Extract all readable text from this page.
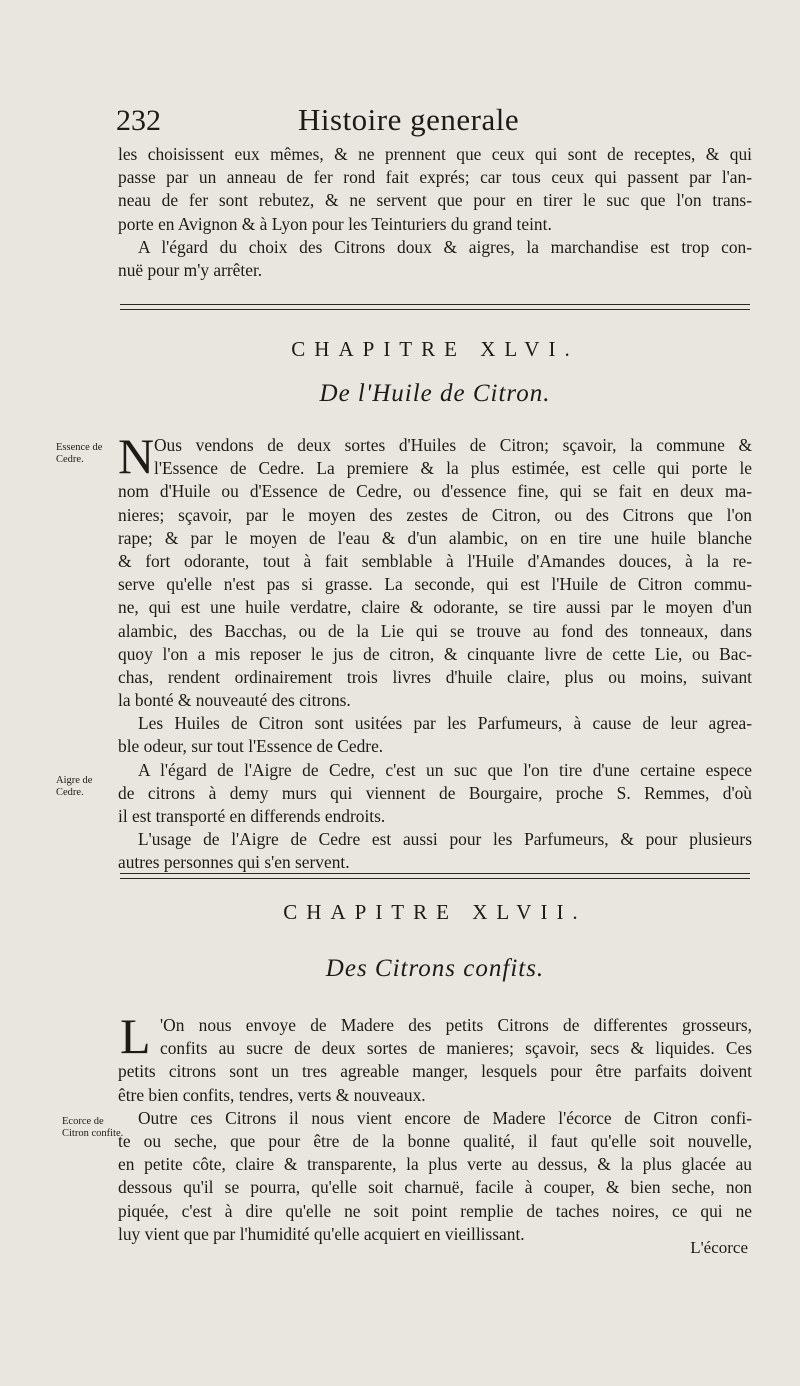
232	Histoire generale
les choisissent eux mêmes, & ne prennent que ceux qui sont de receptes, & qui
passe par un anneau de fer rond fait exprés; car tous ceux qui passent par l'an-
neau de fer sont rebutez, & ne servent que pour en tirer le suc que l'on trans-
porte en Avignon & à Lyon pour les Teinturiers du grand teint.
A l'égard du choix des Citrons doux & aigres, la marchandise est trop con-
nuë pour m'y arrêter.
CHAPITRE XLVI.
De l'Huile de Citron.
Essence de Cedre.
Aigre de Cedre.
N Ous vendons de deux sortes d'Huiles de Citron; sçavoir, la commune &
l'Essence de Cedre. La premiere & la plus estimée, est celle qui porte le
nom d'Huile ou d'Essence de Cedre, ou d'essence fine, qui se fait en deux ma-
nieres; sçavoir, par le moyen des zestes de Citron, ou des Citrons que l'on
rape; & par le moyen de l'eau & d'un alambic, on en tire une huile blanche
& fort odorante, tout à fait semblable à l'Huile d'Amandes douces, à la re-
serve qu'elle n'est pas si grasse. La seconde, qui est l'Huile de Citron commu-
ne, qui est une huile verdatre, claire & odorante, se tire aussi par le moyen d'un
alambic, des Bacchas, ou de la Lie qui se trouve au fond des tonneaux, dans
quoy l'on a mis reposer le jus de citron, & cinquante livre de cette Lie, ou Bac-
chas, rendent ordinairement trois livres d'huile claire, plus ou moins, suivant
la bonté & nouveauté des citrons.
Les Huiles de Citron sont usitées par les Parfumeurs, à cause de leur agrea-
ble odeur, sur tout l'Essence de Cedre.
A l'égard de l'Aigre de Cedre, c'est un suc que l'on tire d'une certaine espece
de citrons à demy murs qui viennent de Bourgaire, proche S. Remmes, d'où
il est transporté en differends endroits.
L'usage de l'Aigre de Cedre est aussi pour les Parfumeurs, & pour plusieurs
autres personnes qui s'en servent.
CHAPITRE XLVII.
Des Citrons confits.
Ecorce de Citron confite.
L 'On nous envoye de Madere des petits Citrons de differentes grosseurs,
confits au sucre de deux sortes de manieres; sçavoir, secs & liquides. Ces
petits citrons sont un tres agreable manger, lesquels pour être parfaits doivent
être bien confits, tendres, verts & nouveaux.
Outre ces Citrons il nous vient encore de Madere l'écorce de Citron confi-
te ou seche, que pour être de la bonne qualité, il faut qu'elle soit nouvelle,
en petite côte, claire & transparente, la plus verte au dessus, & la plus glacée au
dessous qu'il se pourra, qu'elle soit charnuë, facile à couper, & bien seche, non
piquée, c'est à dire qu'elle ne soit point remplie de taches noires, ce qui ne
luy vient que par l'humidité qu'elle acquiert en vieillissant.
L'écorce
